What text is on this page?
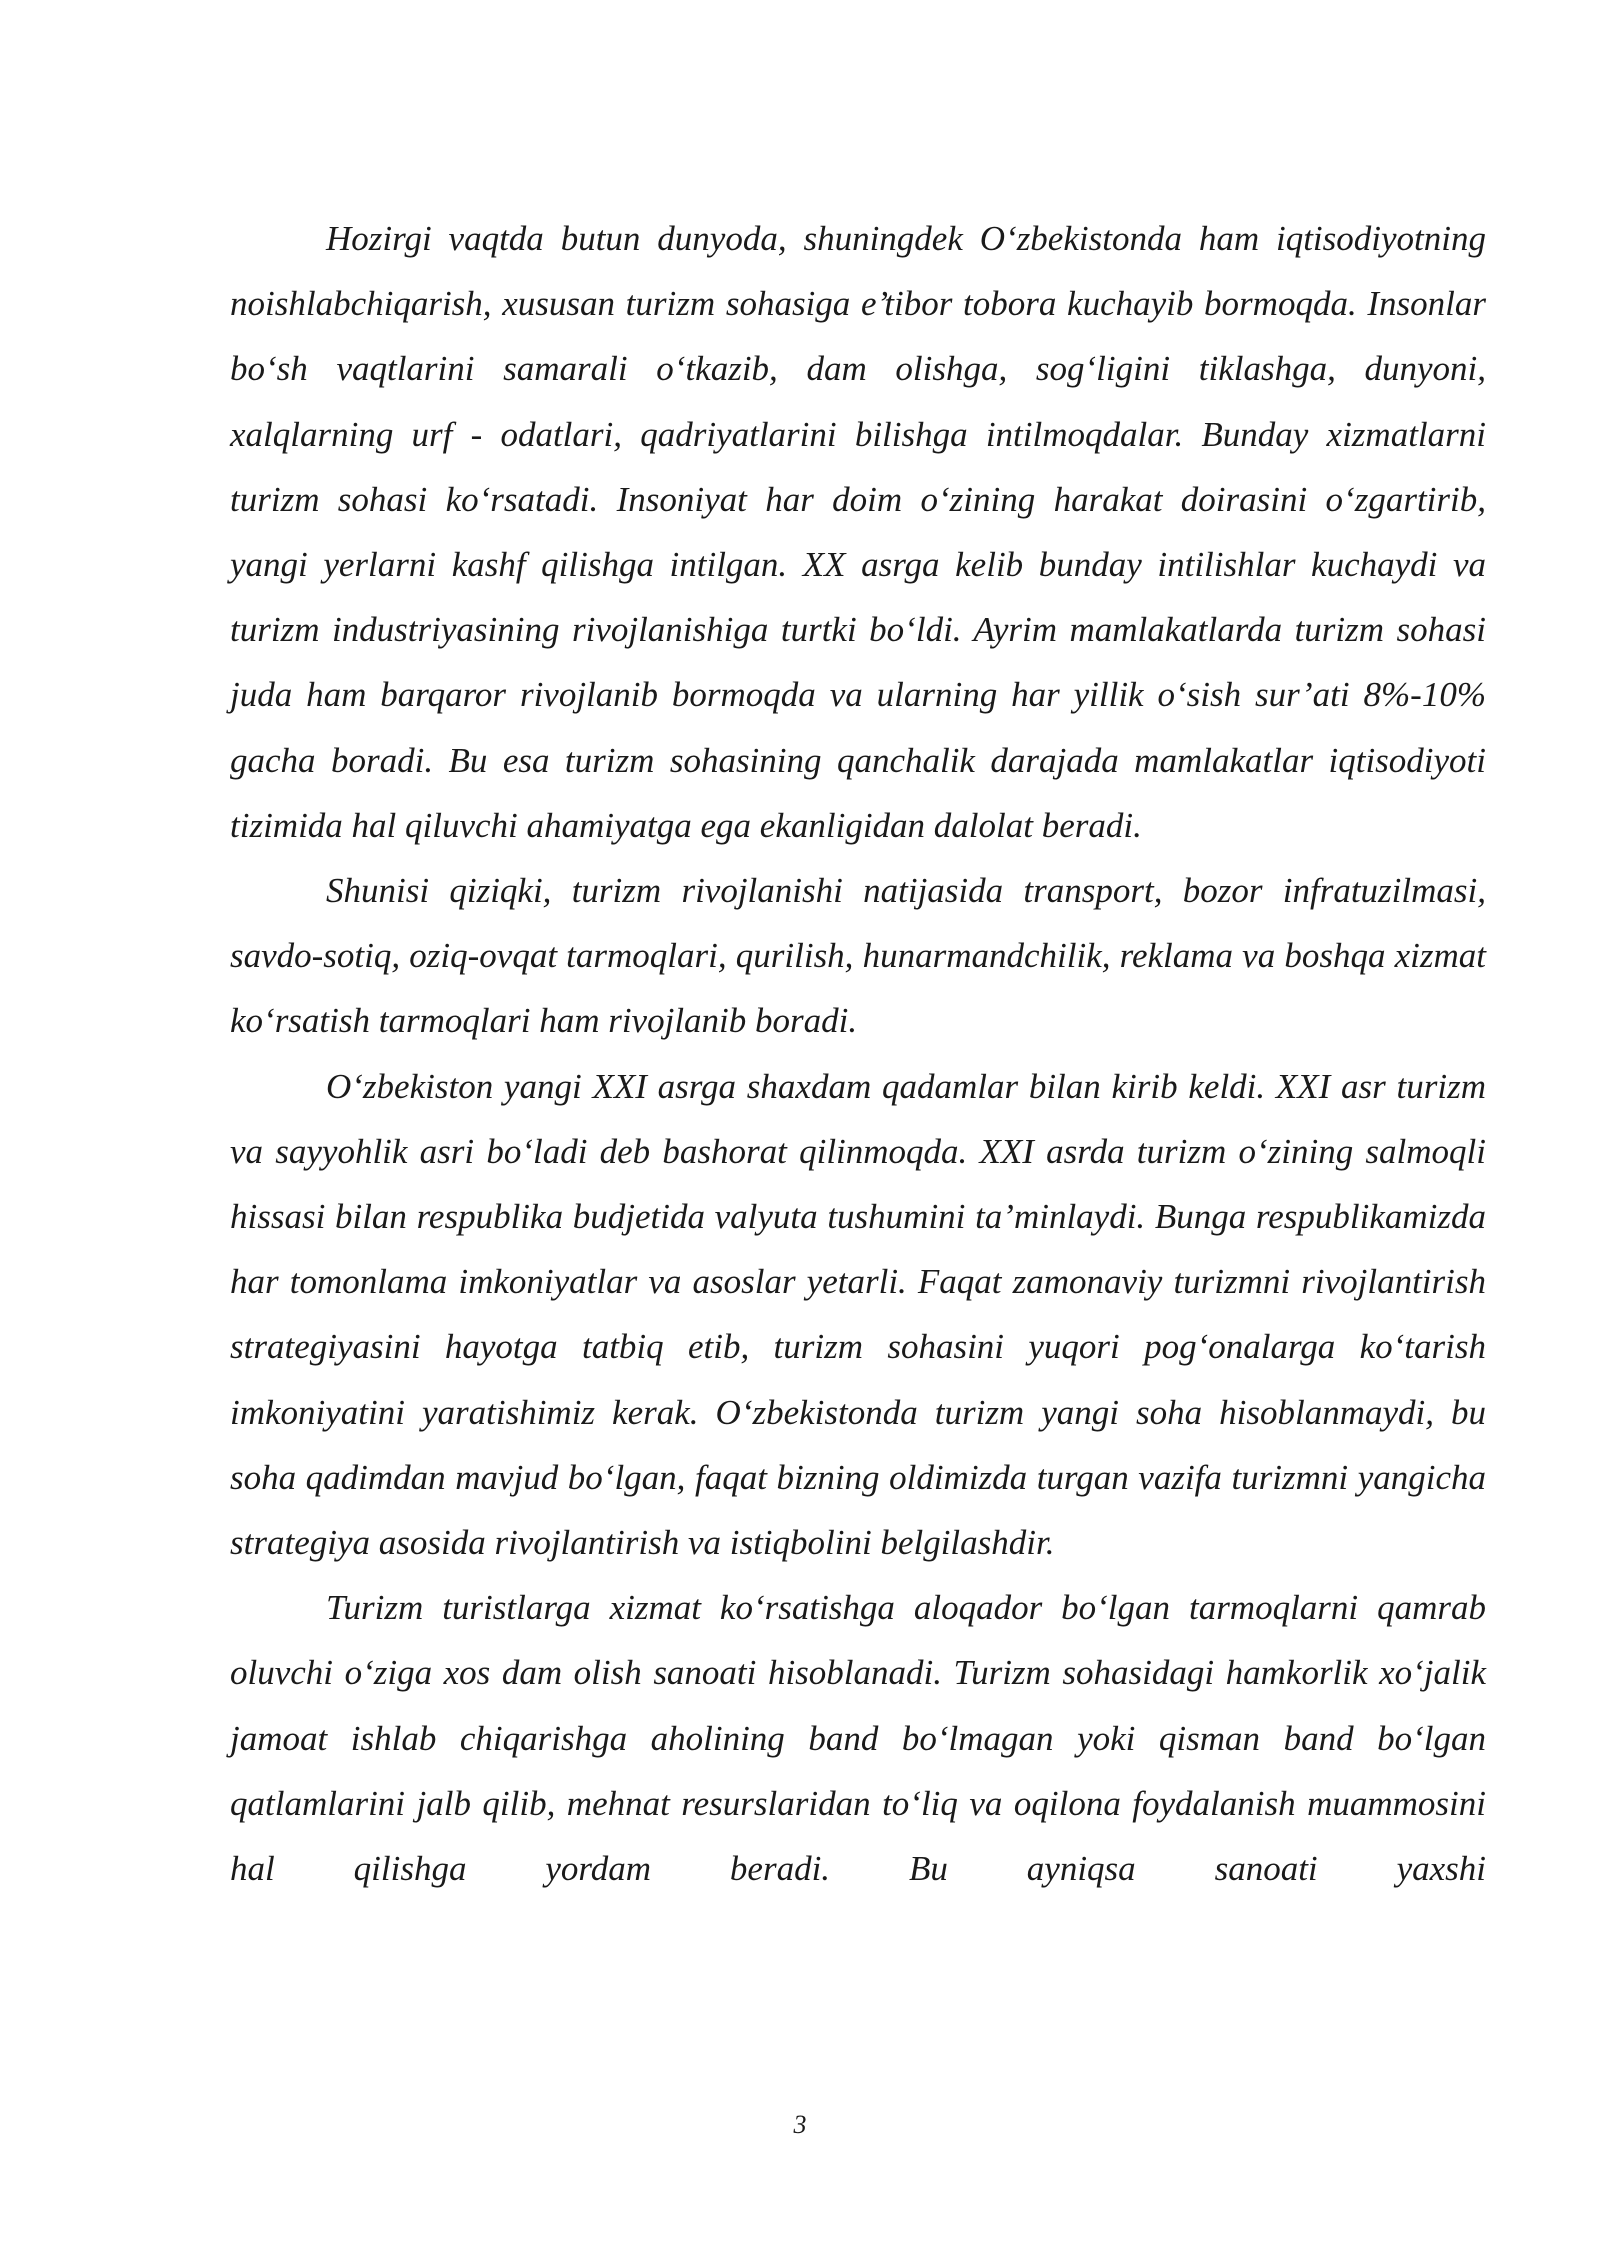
Hozirgi vaqtda butun dunyoda, shuningdek O‘zbekistonda ham iqtisodiyotning noishlabchiqarish, xususan turizm sohasiga e’tibor tobora kuchayib bormoqda. Insonlar bo‘sh vaqtlarini samarali o‘tkazib, dam olishga, sog‘ligini tiklashga, dunyoni, xalqlarning urf - odatlari, qadriyatlarini bilishga intilmoqdalar. Bunday xizmatlarni turizm sohasi ko‘rsatadi. Insoniyat har doim o‘zining harakat doirasini o‘zgartirib, yangi yerlarni kashf qilishga intilgan. XX asrga kelib bunday intilishlar kuchaydi va turizm industriyasining rivojlanishiga turtki bo‘ldi. Ayrim mamlakatlarda turizm sohasi juda ham barqaror rivojlanib bormoqda va ularning har yillik o‘sish sur’ati 8%-10% gacha boradi. Bu esa turizm sohasining qanchalik darajada mamlakatlar iqtisodiyoti tizimida hal qiluvchi ahamiyatga ega ekanligidan dalolat beradi.

Shunisi qiziqki, turizm rivojlanishi natijasida transport, bozor infratuzilmasi, savdo-sotiq, oziq-ovqat tarmoqlari, qurilish, hunarmandchilik, reklama va boshqa xizmat ko‘rsatish tarmoqlari ham rivojlanib boradi.

O‘zbekiston yangi XXI asrga shaxdam qadamlar bilan kirib keldi. XXI asr turizm va sayyohlik asri bo‘ladi deb bashorat qilinmoqda. XXI asrda turizm o‘zining salmoqli hissasi bilan respublika budjetida valyuta tushumini ta’minlaydi. Bunga respublikamizda har tomonlama imkoniyatlar va asoslar yetarli. Faqat zamonaviy turizmni rivojlantirish strategiyasini hayotga tatbiq etib, turizm sohasini yuqori pog‘onalarga ko‘tarish imkoniyatini yaratishimiz kerak. O‘zbekistonda turizm yangi soha hisoblanmaydi, bu soha qadimdan mavjud bo‘lgan, faqat bizning oldimizda turgan vazifa turizmni yangicha strategiya asosida rivojlantirish va istiqbolini belgilashdir.

Turizm turistlarga xizmat ko‘rsatishga aloqador bo‘lgan tarmoqlarni qamrab oluvchi o‘ziga xos dam olish sanoati hisoblanadi. Turizm sohasidagi hamkorlik xo‘jalik jamoat ishlab chiqarishga aholining band bo‘lmagan yoki qisman band bo‘lgan qatlamlarini jalb qilib, mehnat resurslaridan to‘liq va oqilona foydalanish muammosini hal qilishga yordam beradi. Bu ayniqsa sanoati yaxshi

3
